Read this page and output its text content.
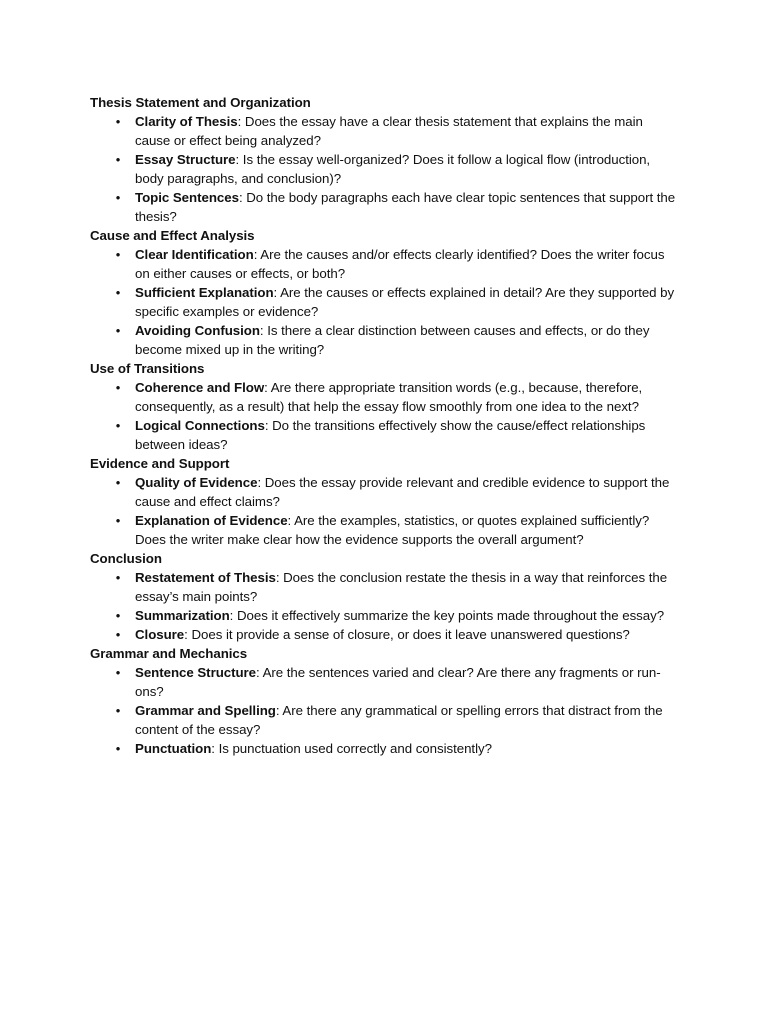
Thesis Statement and Organization
• Clarity of Thesis: Does the essay have a clear thesis statement that explains the main cause or effect being analyzed?
• Essay Structure: Is the essay well-organized? Does it follow a logical flow (introduction, body paragraphs, and conclusion)?
• Topic Sentences: Do the body paragraphs each have clear topic sentences that support the thesis?
Cause and Effect Analysis
• Clear Identification: Are the causes and/or effects clearly identified? Does the writer focus on either causes or effects, or both?
• Sufficient Explanation: Are the causes or effects explained in detail? Are they supported by specific examples or evidence?
• Avoiding Confusion: Is there a clear distinction between causes and effects, or do they become mixed up in the writing?
Use of Transitions
• Coherence and Flow: Are there appropriate transition words (e.g., because, therefore, consequently, as a result) that help the essay flow smoothly from one idea to the next?
• Logical Connections: Do the transitions effectively show the cause/effect relationships between ideas?
Evidence and Support
• Quality of Evidence: Does the essay provide relevant and credible evidence to support the cause and effect claims?
• Explanation of Evidence: Are the examples, statistics, or quotes explained sufficiently? Does the writer make clear how the evidence supports the overall argument?
Conclusion
• Restatement of Thesis: Does the conclusion restate the thesis in a way that reinforces the essay’s main points?
• Summarization: Does it effectively summarize the key points made throughout the essay?
• Closure: Does it provide a sense of closure, or does it leave unanswered questions?
Grammar and Mechanics
• Sentence Structure: Are the sentences varied and clear? Are there any fragments or run-ons?
• Grammar and Spelling: Are there any grammatical or spelling errors that distract from the content of the essay?
• Punctuation: Is punctuation used correctly and consistently?
